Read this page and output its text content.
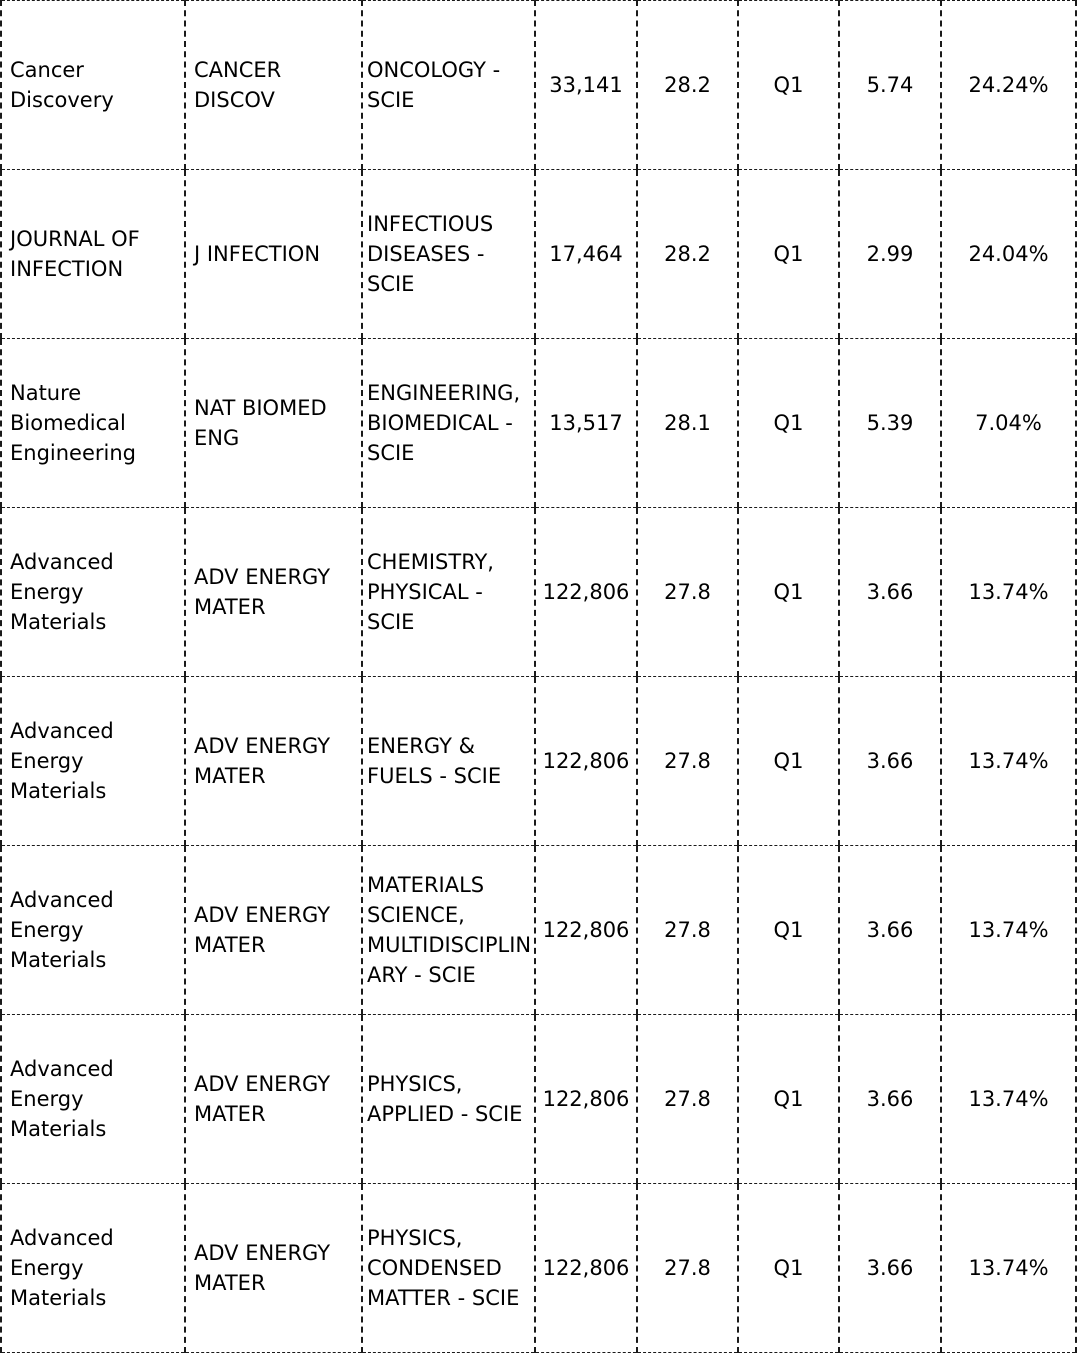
Cancer Discovery	CANCER DISCOV	ONCOLOGY - SCIE	33,141	28.2	Q1	5.74	24.24%
JOURNAL OF INFECTION	J INFECTION	INFECTIOUS DISEASES - SCIE	17,464	28.2	Q1	2.99	24.04%
Nature Biomedical Engineering	NAT BIOMED ENG	ENGINEERING, BIOMEDICAL - SCIE	13,517	28.1	Q1	5.39	7.04%
Advanced Energy Materials	ADV ENERGY MATER	CHEMISTRY, PHYSICAL - SCIE	122,806	27.8	Q1	3.66	13.74%
Advanced Energy Materials	ADV ENERGY MATER	ENERGY & FUELS - SCIE	122,806	27.8	Q1	3.66	13.74%
Advanced Energy Materials	ADV ENERGY MATER	MATERIALS SCIENCE, MULTIDISCIPLINARY - SCIE	122,806	27.8	Q1	3.66	13.74%
Advanced Energy Materials	ADV ENERGY MATER	PHYSICS, APPLIED - SCIE	122,806	27.8	Q1	3.66	13.74%
Advanced Energy Materials	ADV ENERGY MATER	PHYSICS, CONDENSED MATTER - SCIE	122,806	27.8	Q1	3.66	13.74%
